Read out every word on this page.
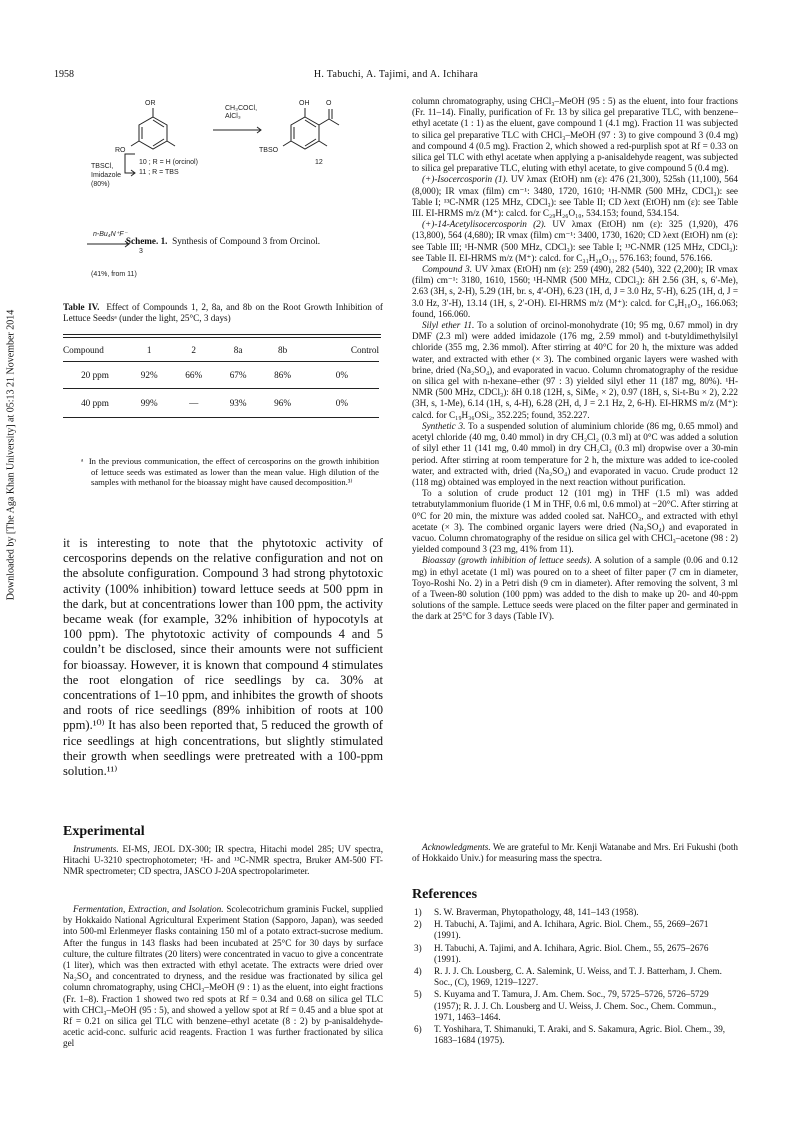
1958	H. Tabuchi, A. Tajimi, and A. Ichihara
Downloaded by [The Aga Khan University] at 05:13 21 November 2014
OR
RO
CH₃COCl,
AlCl₃
OH O
TBSO
10 ; R = H (orcinol)
11 ; R = TBS
12
TBSCl,
Imidazole
(80%)
n-Bu₄N⁺F⁻
3
(41%, from 11)
Scheme. 1. Synthesis of Compound 3 from Orcinol.

Table IV. Effect of Compounds 1, 2, 8a, and 8b on the Root Growth Inhibition of Lettuce Seedsᵃ (under the light, 25°C, 3 days)

Compound	1	2	8a	8b	Control
20 ppm	92%	66%	67%	86%	0%
40 ppm	99%	—	93%	96%	0%

ᵃ In the previous communication, the effect of cercosporins on the growth inhibition of lettuce seeds was estimated as lower than the mean value. High dilution of the samples with methanol for the bioassay might have caused decomposition.³⁾

it is interesting to note that the phytotoxic activity of cercosporins depends on the relative configuration and not on the absolute configuration. Compound 3 had strong phytotoxic activity (100% inhibition) toward lettuce seeds at 500 ppm in the dark, but at concentrations lower than 100 ppm, the activity became weak (for example, 32% inhibition of hypocotyls at 100 ppm). The phytotoxic activity of compounds 4 and 5 couldn’t be disclosed, since their amounts were not sufficient for bioassay. However, it is known that compound 4 stimulates the root elongation of rice seedlings by ca. 30% at concentrations of 1–10 ppm, and inhibites the growth of shoots and roots of rice seedlings (89% inhibition of roots at 100 ppm).¹⁰⁾ It has also been reported that, 5 reduced the growth of rice seedlings at high concentrations, but slightly stimulated their growth when seedlings were pretreated with a 100-ppm solution.¹¹⁾

Experimental

Instruments. EI-MS, JEOL DX-300; IR spectra, Hitachi model 285; UV spectra, Hitachi U-3210 spectrophotometer; ¹H- and ¹³C-NMR spectra, Bruker AM-500 FT-NMR spectrometer; CD spectra, JASCO J-20A spectropolarimeter.

Fermentation, Extraction, and Isolation. Scolecotrichum graminis Fuckel, supplied by Hokkaido National Agricultural Experiment Station (Sapporo, Japan), was seeded into 500-ml Erlenmeyer flasks containing 150 ml of a potato extract-sucrose medium. After the fungus in 143 flasks had been incubated at 25°C for 30 days by surface culture, the culture filtrates (20 liters) were concentrated in vacuo to give a concentrate (1 liter), which was then extracted with ethyl acetate. The extracts were dried over Na₂SO₄ and concentrated to dryness, and the residue was fractionated by silica gel column chromatography, using CHCl₃–MeOH (9 : 1) as the eluent, into eight fractions (Fr. 1–8). Fraction 1 showed two red spots at Rf = 0.34 and 0.68 on silica gel TLC with CHCl₃–MeOH (95 : 5), and showed a yellow spot at Rf = 0.45 and a blue spot at Rf = 0.21 on silica gel TLC with benzene–ethyl acetate (8 : 2) by p-anisaldehyde-acetic acid-conc. sulfuric acid reagents. Fraction 1 was further fractionated by silica gel

column chromatography, using CHCl₃–MeOH (95 : 5) as the eluent, into four fractions (Fr. 11–14). Finally, purification of Fr. 13 by silica gel preparative TLC, with benzene–ethyl acetate (1 : 1) as the eluent, gave compound 1 (4.1 mg). Fraction 11 was subjected to silica gel preparative TLC with CHCl₃–MeOH (97 : 3) to give compound 3 (0.4 mg) and compound 4 (0.5 mg). Fraction 2, which showed a red-purplish spot at Rf = 0.33 on silica gel TLC with ethyl acetate when applying a p-anisaldehyde reagent, was subjected to silica gel preparative TLC, eluting with ethyl acetate, to give compound 5 (0.4 mg).

(+)-Isocercosporin (1). UV λmax (EtOH) nm (ε): 476 (21,300), 525sh (11,100), 564 (8,000); IR νmax (film) cm⁻¹: 3480, 1720, 1610; ¹H-NMR (500 MHz, CDCl₃): see Table I; ¹³C-NMR (125 MHz, CDCl₃): see Table II; CD λext (EtOH) nm (ε): see Table III. EI-HRMS m/z (M⁺): calcd. for C₂₉H₂₆O₁₀, 534.153; found, 534.154.

(+)-14-Acetylisocercosporin (2). UV λmax (EtOH) nm (ε): 325 (1,920), 476 (13,800), 564 (4,680); IR νmax (film) cm⁻¹: 3400, 1730, 1620; CD λext (EtOH) nm (ε): see Table III; ¹H-NMR (500 MHz, CDCl₃): see Table I; ¹³C-NMR (125 MHz, CDCl₃): see Table II. EI-HRMS m/z (M⁺): calcd. for C₃₁H₂₈O₁₁, 576.163; found, 576.166.

Compound 3. UV λmax (EtOH) nm (ε): 259 (490), 282 (540), 322 (2,200); IR νmax (film) cm⁻¹: 3180, 1610, 1560; ¹H-NMR (500 MHz, CDCl₃): δH 2.56 (3H, s, 6′-Me), 2.63 (3H, s, 2-H), 5.29 (1H, br. s, 4′-OH), 6.23 (1H, d, J = 3.0 Hz, 5′-H), 6.25 (1H, d, J = 3.0 Hz, 3′-H), 13.14 (1H, s, 2′-OH). EI-HRMS m/z (M⁺): calcd. for C₉H₁₀O₃, 166.063; found, 166.060.

Silyl ether 11. To a solution of orcinol-monohydrate (10; 95 mg, 0.67 mmol) in dry DMF (2.3 ml) were added imidazole (176 mg, 2.59 mmol) and t-butyldimethylsilyl chloride (355 mg, 2.36 mmol). After stirring at 40°C for 20 h, the mixture was added water, and extracted with ether (× 3). The combined organic layers were washed with brine, dried (Na₂SO₄), and evaporated in vacuo. Column chromatography of the residue on silica gel with n-hexane–ether (97 : 3) yielded silyl ether 11 (187 mg, 80%). ¹H-NMR (500 MHz, CDCl₃): δH 0.18 (12H, s, SiMe₂ × 2), 0.97 (18H, s, Si-t-Bu × 2), 2.22 (3H, s, 1-Me), 6.14 (1H, s, 4-H), 6.28 (2H, d, J = 2.1 Hz, 2, 6-H). EI-HRMS m/z (M⁺): calcd. for C₁₉H₃₆OSi₂, 352.225; found, 352.227.

Synthetic 3. To a suspended solution of aluminium chloride (86 mg, 0.65 mmol) and acetyl chloride (40 mg, 0.40 mmol) in dry CH₂Cl₂ (0.3 ml) at 0°C was added a solution of silyl ether 11 (141 mg, 0.40 mmol) in dry CH₂Cl₂ (0.3 ml) dropwise over a 30-min period. After stirring at room temperature for 2 h, the mixture was added to ice-cooled water, and extracted with, dried (Na₂SO₄) and evaporated in vacuo. Crude product 12 (118 mg) obtained was employed in the next reaction without purification.

To a solution of crude product 12 (101 mg) in THF (1.5 ml) was added tetrabutylammonium fluoride (1 M in THF, 0.6 ml, 0.6 mmol) at −20°C. After stirring at 0°C for 20 min, the mixture was added cooled sat. NaHCO₃, and extracted with ethyl acetate (× 3). The combined organic layers were dried (Na₂SO₄) and evaporated in vacuo. Column chromatography of the residue on silica gel with CHCl₃–acetone (98 : 2) yielded compound 3 (23 mg, 41% from 11).

Bioassay (growth inhibition of lettuce seeds). A solution of a sample (0.06 and 0.12 mg) in ethyl acetate (1 ml) was poured on to a sheet of filter paper (7 cm in diameter, Toyo-Roshi No. 2) in a Petri dish (9 cm in diameter). After removing the solvent, 3 ml of a Tween-80 solution (100 ppm) was added to the dish to make up 20- and 40-ppm solutions of the sample. Lettuce seeds were placed on the filter paper and germinated in the dark at 25°C for 3 days (Table IV).

Acknowledgments. We are grateful to Mr. Kenji Watanabe and Mrs. Eri Fukushi (both of Hokkaido Univ.) for measuring mass the spectra.

References
1)	S. W. Braverman, Phytopathology, 48, 141–143 (1958).
2)	H. Tabuchi, A. Tajimi, and A. Ichihara, Agric. Biol. Chem., 55, 2669–2671 (1991).
3)	H. Tabuchi, A. Tajimi, and A. Ichihara, Agric. Biol. Chem., 55, 2675–2676 (1991).
4)	R. J. J. Ch. Lousberg, C. A. Salemink, U. Weiss, and T. J. Batterham, J. Chem. Soc., (C), 1969, 1219–1227.
5)	S. Kuyama and T. Tamura, J. Am. Chem. Soc., 79, 5725–5726, 5726–5729 (1957); R. J. J. Ch. Lousberg and U. Weiss, J. Chem. Soc., Chem. Commun., 1971, 1463–1464.
6)	T. Yoshihara, T. Shimanuki, T. Araki, and S. Sakamura, Agric. Biol. Chem., 39, 1683–1684 (1975).
